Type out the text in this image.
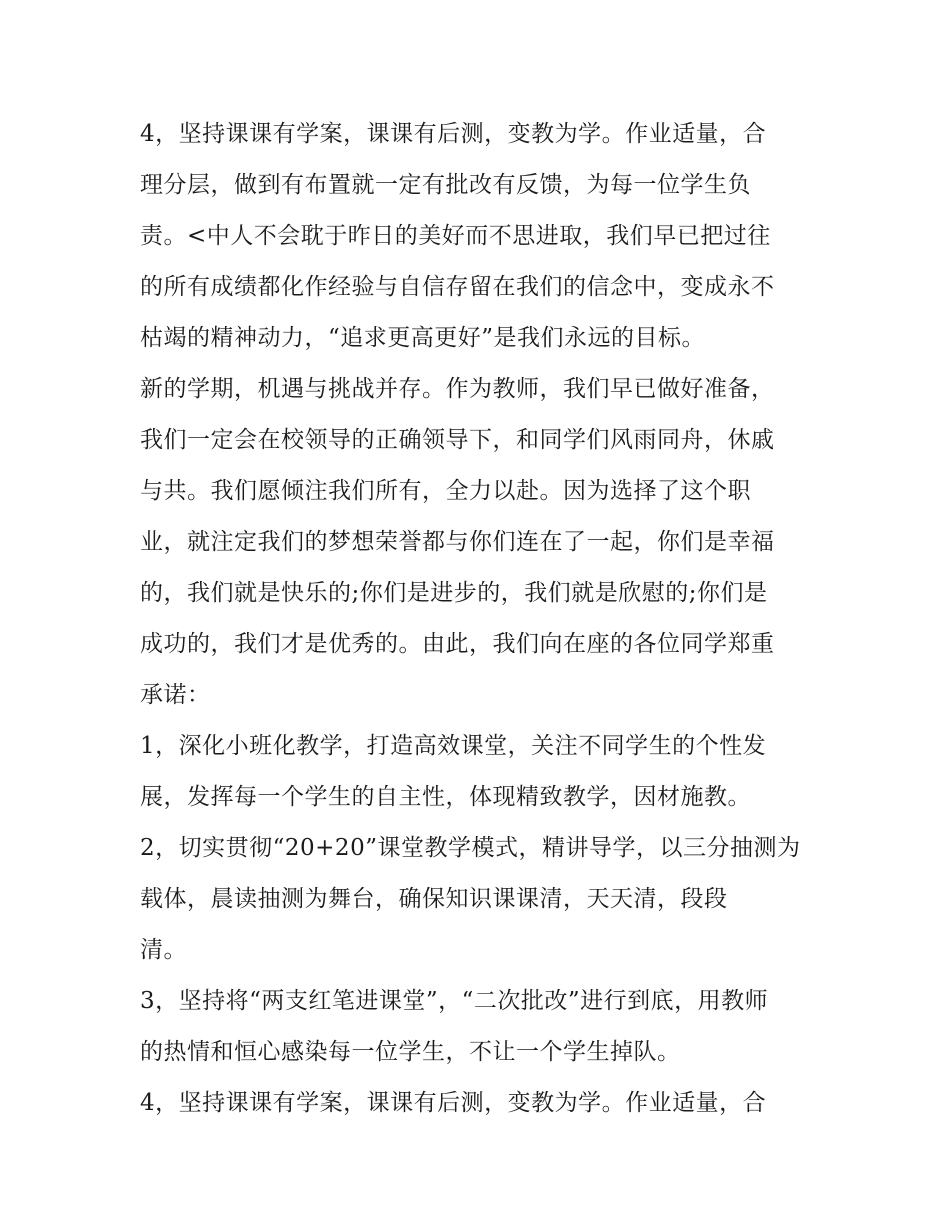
4，坚持课课有学案，课课有后测，变教为学。作业适量，合
理分层，做到有布置就一定有批改有反馈，为每一位学生负
责。<中人不会耽于昨日的美好而不思进取，我们早已把过往
的所有成绩都化作经验与自信存留在我们的信念中，变成永不
枯竭的精神动力，“追求更高更好”是我们永远的目标。
新的学期，机遇与挑战并存。作为教师，我们早已做好准备，
我们一定会在校领导的正确领导下，和同学们风雨同舟，休戚
与共。我们愿倾注我们所有，全力以赴。因为选择了这个职
业，就注定我们的梦想荣誉都与你们连在了一起，你们是幸福
的，我们就是快乐的;你们是进步的，我们就是欣慰的;你们是
成功的，我们才是优秀的。由此，我们向在座的各位同学郑重
承诺：
1，深化小班化教学，打造高效课堂，关注不同学生的个性发
展，发挥每一个学生的自主性，体现精致教学，因材施教。
2，切实贯彻“20+20”课堂教学模式，精讲导学，以三分抽测为
载体，晨读抽测为舞台，确保知识课课清，天天清，段段
清。
3，坚持将“两支红笔进课堂”，“二次批改”进行到底，用教师
的热情和恒心感染每一位学生，不让一个学生掉队。
4，坚持课课有学案，课课有后测，变教为学。作业适量，合
